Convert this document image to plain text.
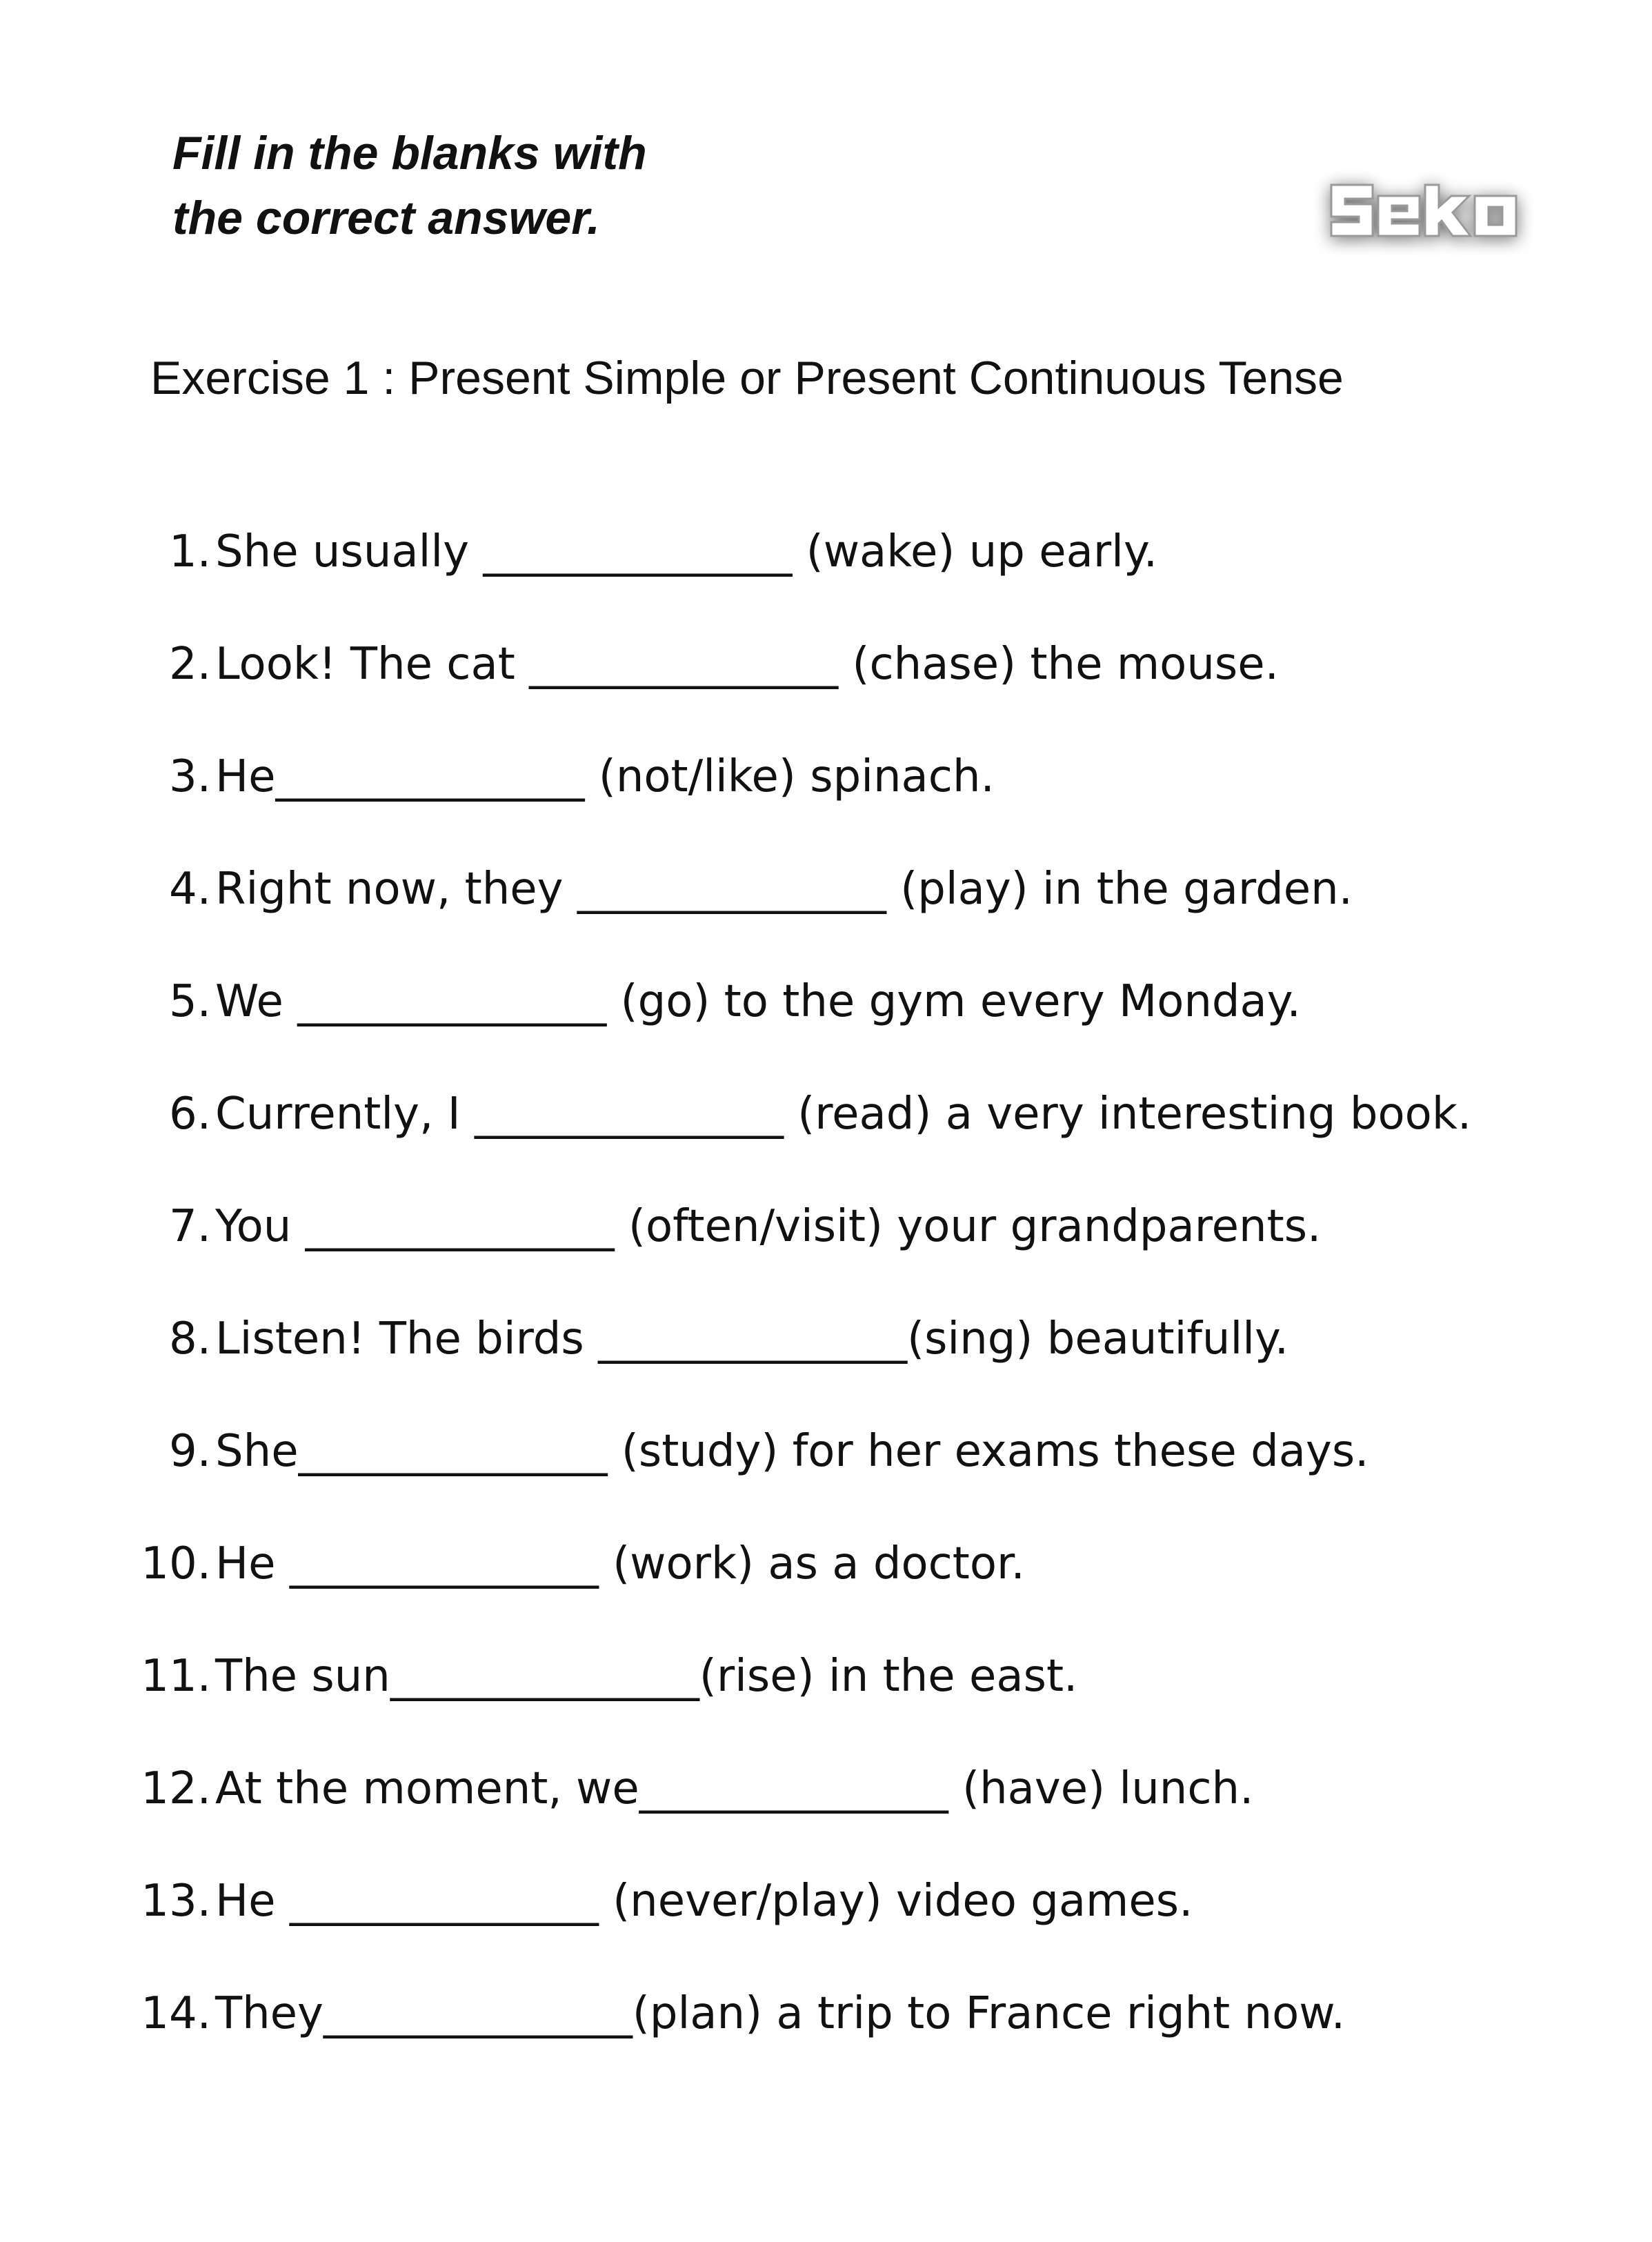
Fill in the blanks with
the correct answer.
Exercise 1 : Present Simple or Present Continuous Tense
1. She usually ______________ (wake) up early.
2. Look! The cat ______________ (chase) the mouse.
3. He______________ (not/like) spinach.
4. Right now, they ______________ (play) in the garden.
5. We ______________ (go) to the gym every Monday.
6. Currently, I ______________ (read) a very interesting book.
7. You ______________ (often/visit) your grandparents.
8. Listen! The birds ______________(sing) beautifully.
9. She______________ (study) for her exams these days.
10. He ______________ (work) as a doctor.
11. The sun______________(rise) in the east.
12. At the moment, we______________ (have) lunch.
13. He ______________ (never/play) video games.
14. They______________(plan) a trip to France right now.
